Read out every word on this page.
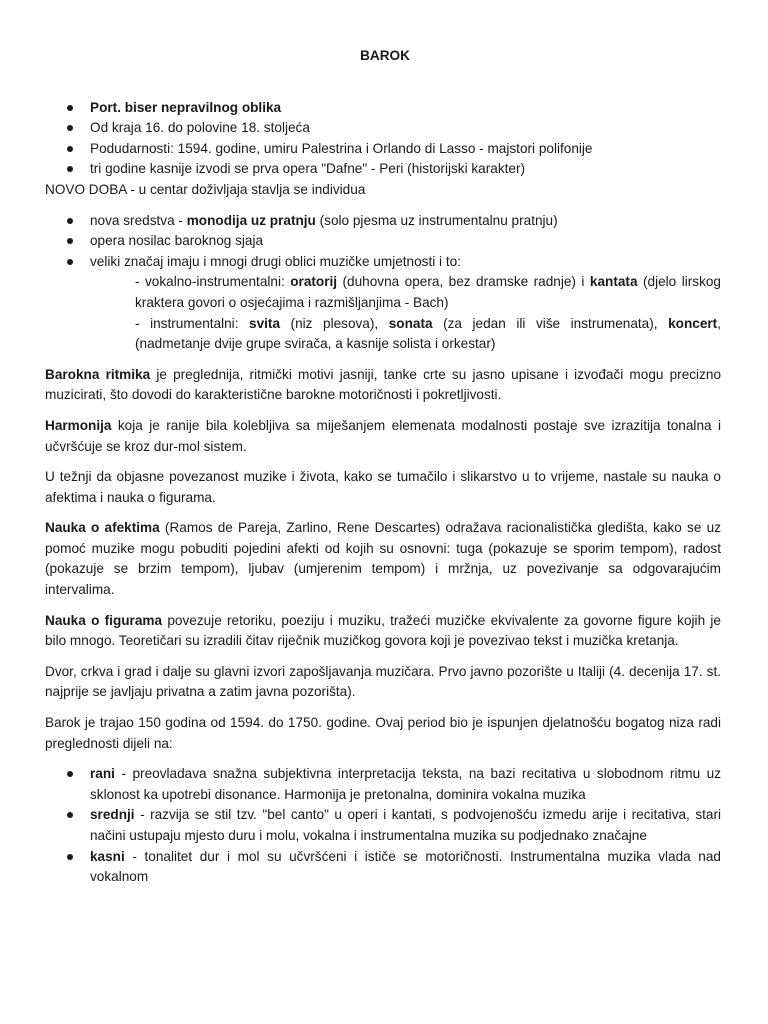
BAROK
Port. biser nepravilnog oblika
Od kraja 16. do polovine 18. stoljeća
Podudarnosti: 1594. godine, umiru Palestrina i Orlando di Lasso - majstori polifonije
tri godine kasnije izvodi se prva opera "Dafne" - Peri (historijski karakter)

NOVO DOBA - u centar doživljaja stavlja se individua

nova sredstva - monodija uz pratnju (solo pjesma uz instrumentalnu pratnju)
opera nosilac baroknog sjaja
veliki značaj imaju i mnogi drugi oblici muzičke umjetnosti i to:
- vokalno-instrumentalni: oratorij (duhovna opera, bez dramske radnje) i kantata (djelo lirskog kraktera govori o osjećajima i razmišljanjima - Bach)
- instrumentalni: svita (niz plesova), sonata (za jedan ili više instrumenata), koncert, (nadmetanje dvije grupe svirača, a kasnije solista i orkestar)

Barokna ritmika je preglednija, ritmički motivi jasniji, tanke crte su jasno upisane i izvođači mogu precizno muzicirati, što dovodi do karakteristične barokne motoričnosti i pokretljivosti.

Harmonija koja je ranije bila kolebljiva sa miješanjem elemenata modalnosti postaje sve izrazitija tonalna i učvršćuje se kroz dur-mol sistem.

U težnji da objasne povezanost muzike i života, kako se tumačilo i slikarstvo u to vrijeme, nastale su nauka o afektima i nauka o figurama.

Nauka o afektima (Ramos de Pareja, Zarlino, Rene Descartes) odražava racionalistička gledišta, kako se uz pomoć muzike mogu pobuditi pojedini afekti od kojih su osnovni: tuga (pokazuje se sporim tempom), radost (pokazuje se brzim tempom), ljubav (umjerenim tempom) i mržnja, uz povezivanje sa odgovarajućim intervalima.

Nauka o figurama povezuje retoriku, poeziju i muziku, tražeći muzičke ekvivalente za govorne figure kojih je bilo mnogo. Teoretičari su izradili čitav riječnik muzičkog govora koji je povezivao tekst i muzička kretanja.

Dvor, crkva i grad i dalje su glavni izvori zapošljavanja muzičara. Prvo javno pozorište u Italiji (4. decenija 17. st. najprije se javljaju privatna a zatim javna pozorišta).

Barok je trajao 150 godina od 1594. do 1750. godine. Ovaj period bio je ispunjen djelatnošću bogatog niza radi preglednosti dijeli na:

rani - preovladava snažna subjektivna interpretacija teksta, na bazi recitativa u slobodnom ritmu uz sklonost ka upotrebi disonance. Harmonija je pretonalna, dominira vokalna muzika
srednji - razvija se stil tzv. "bel canto" u operi i kantati, s podvojenošću izmedu arije i recitativa, stari načini ustupaju mjesto duru i molu, vokalna i instrumentalna muzika su podjednako značajne
kasni - tonalitet dur i mol su učvršćeni i ističe se motoričnosti. Instrumentalna muzika vlada nad vokalnom
